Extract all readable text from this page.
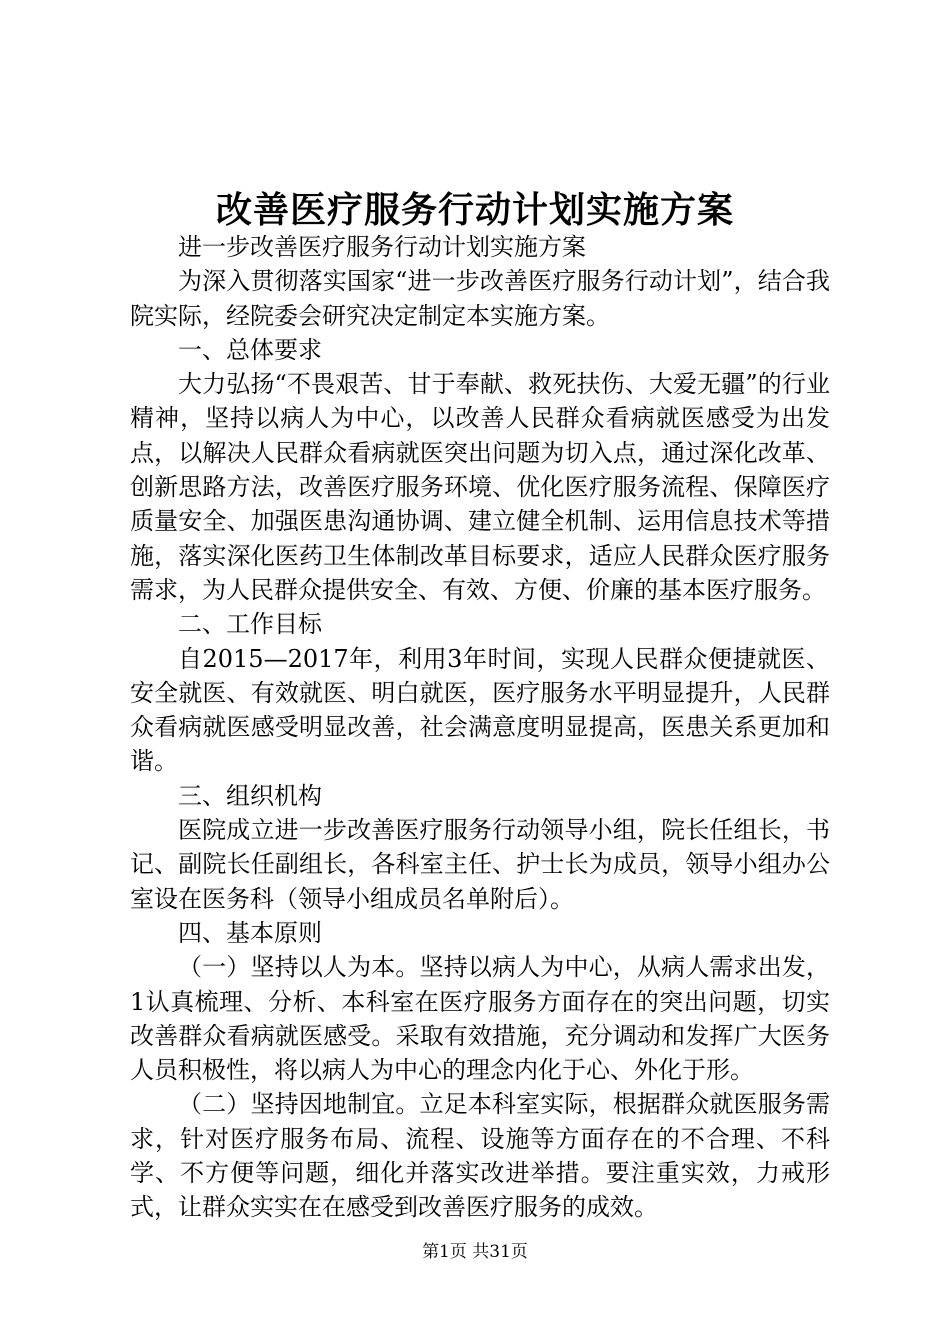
改善医疗服务行动计划实施方案

进一步改善医疗服务行动计划实施方案

为深入贯彻落实国家“进一步改善医疗服务行动计划”，结合我院实际，经院委会研究决定制定本实施方案。

一、总体要求

大力弘扬“不畏艰苦、甘于奉献、救死扶伤、大爱无疆”的行业精神，坚持以病人为中心，以改善人民群众看病就医感受为出发点，以解决人民群众看病就医突出问题为切入点，通过深化改革、创新思路方法，改善医疗服务环境、优化医疗服务流程、保障医疗质量安全、加强医患沟通协调、建立健全机制、运用信息技术等措施，落实深化医药卫生体制改革目标要求，适应人民群众医疗服务需求，为人民群众提供安全、有效、方便、价廉的基本医疗服务。

二、工作目标

自2015—2017年，利用3年时间，实现人民群众便捷就医、安全就医、有效就医、明白就医，医疗服务水平明显提升，人民群众看病就医感受明显改善，社会满意度明显提高，医患关系更加和谐。

三、组织机构

医院成立进一步改善医疗服务行动领导小组，院长任组长，书记、副院长任副组长，各科室主任、护士长为成员，领导小组办公室设在医务科（领导小组成员名单附后）。

四、基本原则

（一）坚持以人为本。坚持以病人为中心，从病人需求出发，1认真梳理、分析、本科室在医疗服务方面存在的突出问题，切实改善群众看病就医感受。采取有效措施，充分调动和发挥广大医务人员积极性，将以病人为中心的理念内化于心、外化于形。

（二）坚持因地制宜。立足本科室实际，根据群众就医服务需求，针对医疗服务布局、流程、设施等方面存在的不合理、不科学、不方便等问题，细化并落实改进举措。要注重实效，力戒形式，让群众实实在在感受到改善医疗服务的成效。

第1页 共31页
